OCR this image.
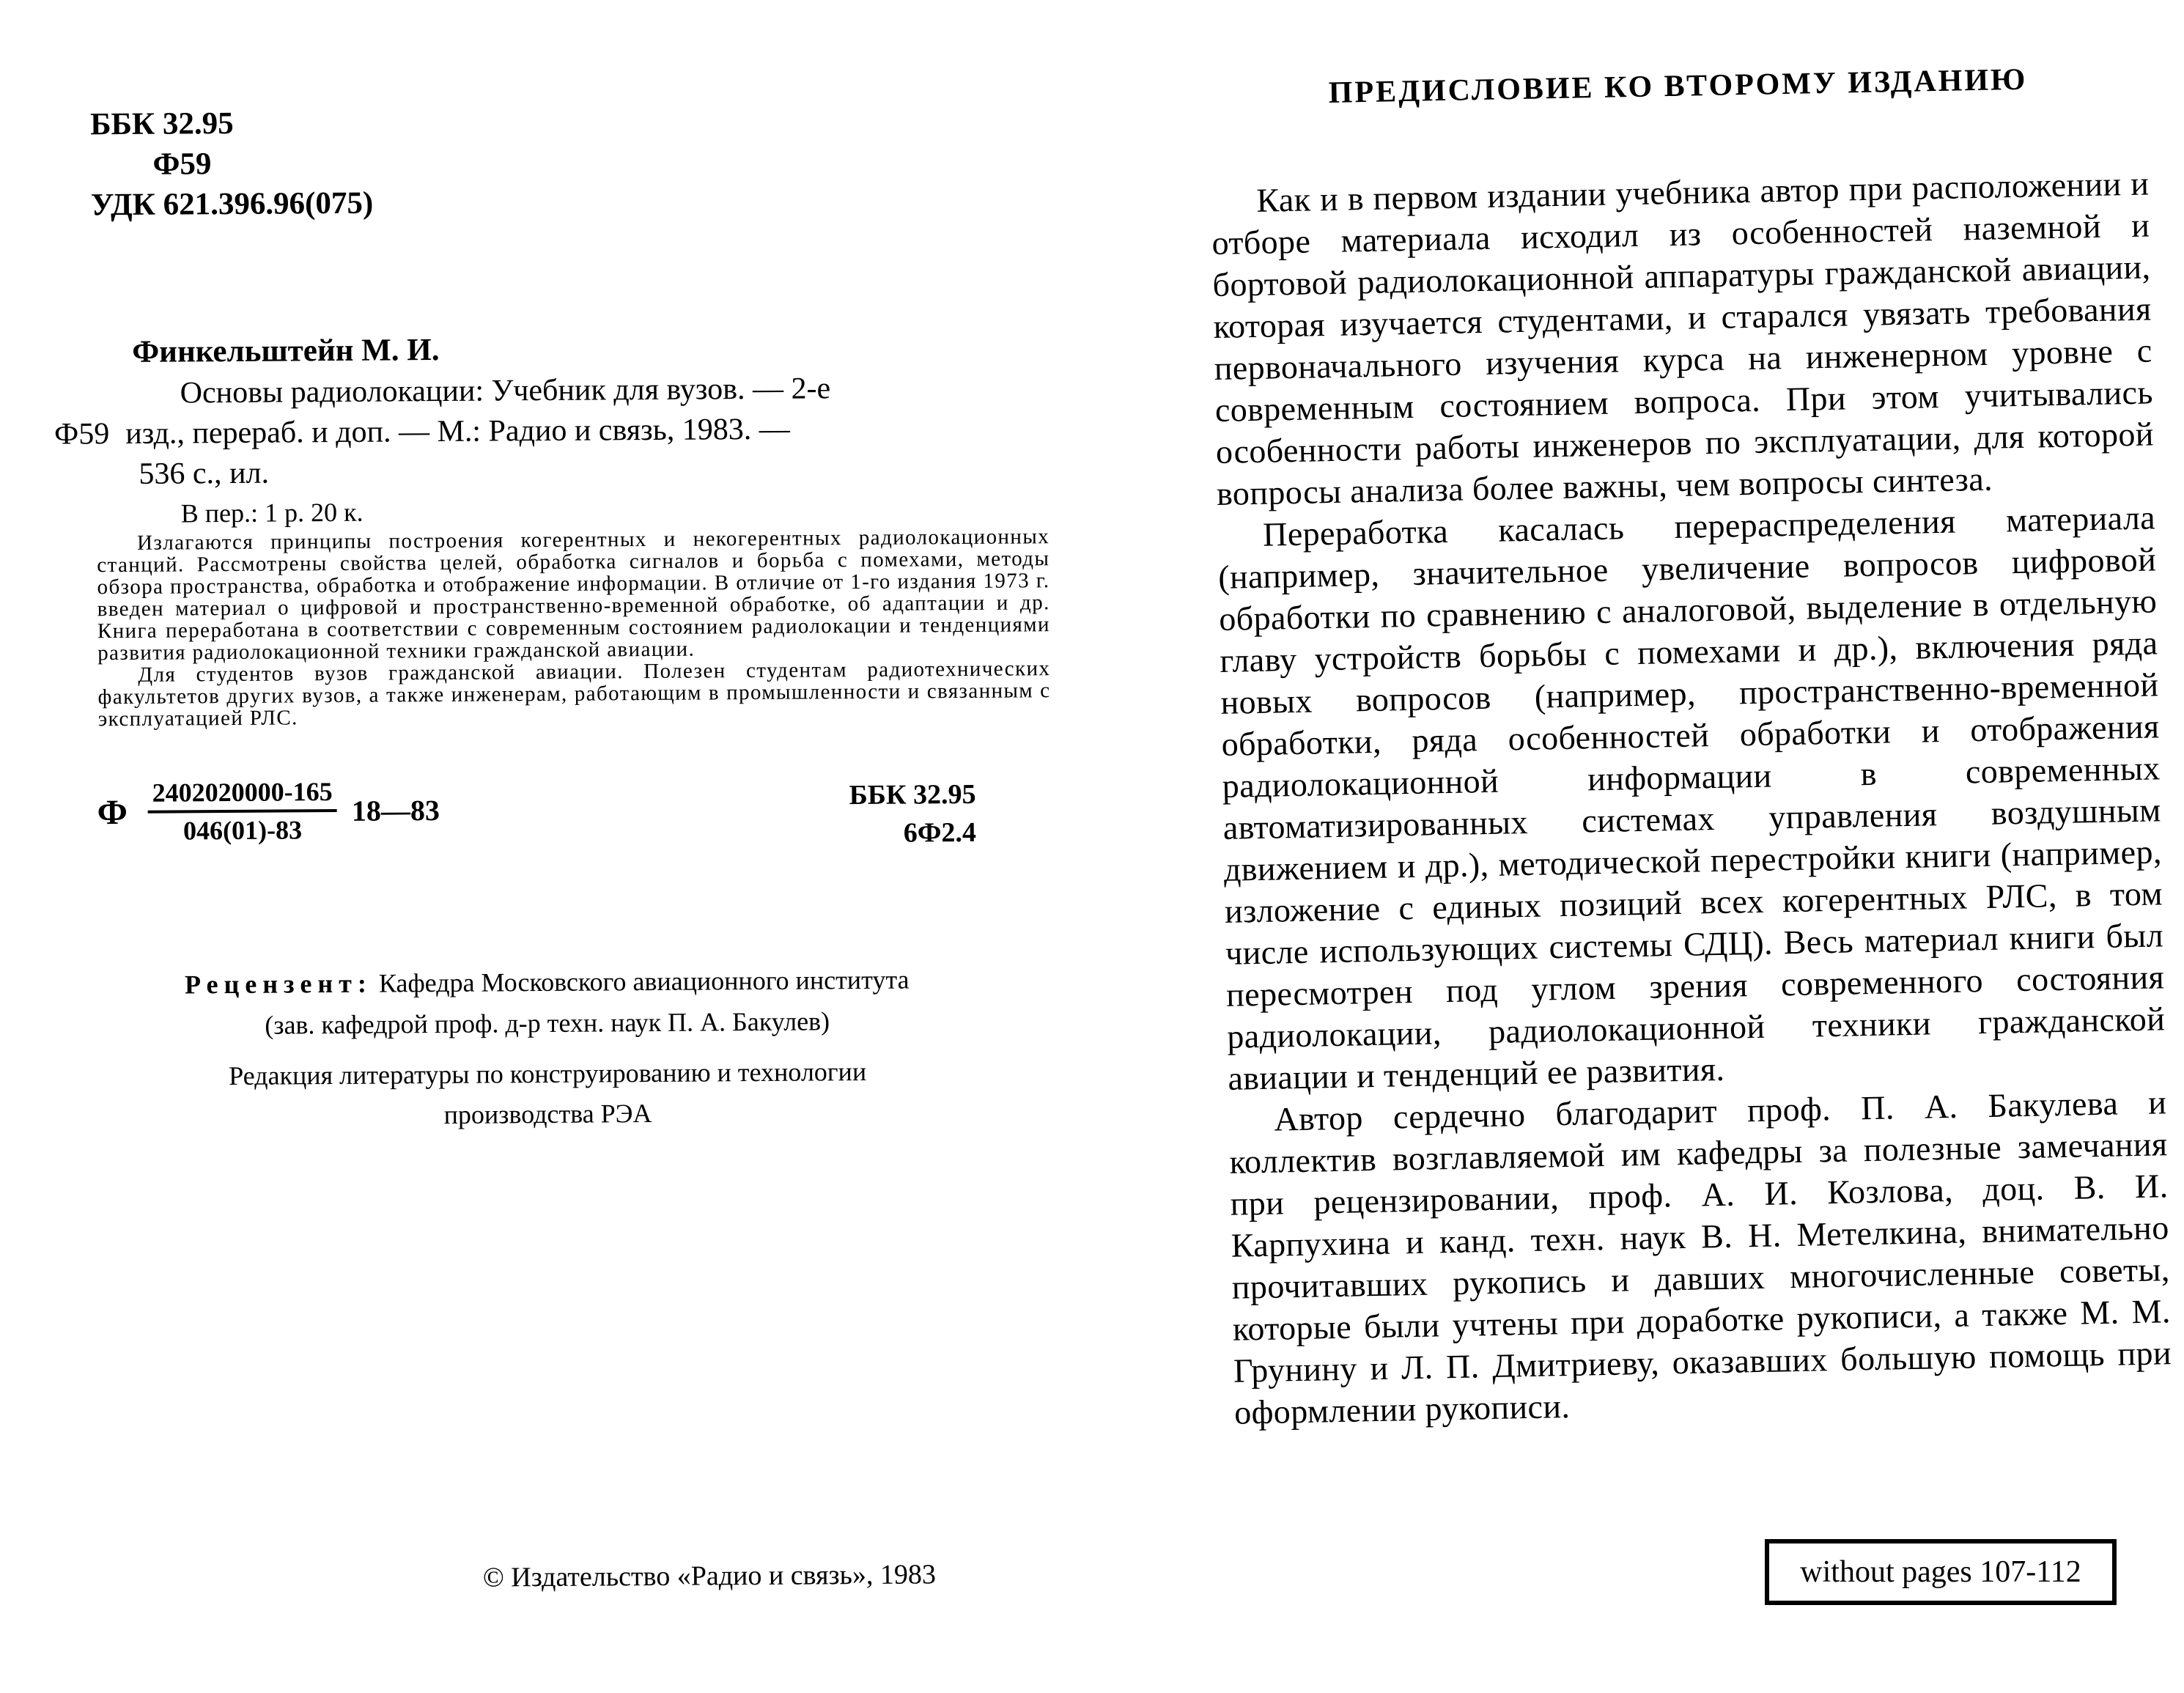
ББК 32.95
Ф59
УДК 621.396.96(075)
Финкельштейн М. И.
Основы радиолокации: Учебник для вузов. — 2-е
Ф59 изд., перераб. и доп. — М.: Радио и связь, 1983. —
536 с., ил.
В пер.: 1 р. 20 к.

Излагаются принципы построения когерентных и некогерентных радиолокационных станций. Рассмотрены свойства целей, обработка сигналов и борьба с помехами, методы обзора пространства, обработка и отображение информации. В отличие от 1-го издания 1973 г. введен материал о цифровой и пространственно-временной обработке, об адаптации и др. Книга переработана в соответствии с современным состоянием радиолокации и тенденциями развития радиолокационной техники гражданской авиации.

Для студентов вузов гражданской авиации. Полезен студентам радиотехнических факультетов других вузов, а также инженерам, работающим в промышленности и связанным с эксплуатацией РЛС.

Ф $\frac{2402020000-165}{046(01)-83}$ 18—83	ББК 32.95
6Ф2.4
Рецензент: Кафедра Московского авиационного института
(зав. кафедрой проф. д-р техн. наук П. А. Бакулев)
Редакция литературы по конструированию и технологии
производства РЭА
© Издательство «Радио и связь», 1983
ПРЕДИСЛОВИЕ КО ВТОРОМУ ИЗДАНИЮ

Как и в первом издании учебника автор при расположении и отборе материала исходил из особенностей наземной и бортовой радиолокационной аппаратуры гражданской авиации, которая изучается студентами, и старался увязать требования первоначального изучения курса на инженерном уровне с современным состоянием вопроса. При этом учитывались особенности работы инженеров по эксплуатации, для которой вопросы анализа более важны, чем вопросы синтеза.

Переработка касалась перераспределения материала (например, значительное увеличение вопросов цифровой обработки по сравнению с аналоговой, выделение в отдельную главу устройств борьбы с помехами и др.), включения ряда новых вопросов (например, пространственно-временной обработки, ряда особенностей обработки и отображения радиолокационной информации в современных автоматизированных системах управления воздушным движением и др.), методической перестройки книги (например, изложение с единых позиций всех когерентных РЛС, в том числе использующих системы СДЦ). Весь материал книги был пересмотрен под углом зрения современного состояния радиолокации, радиолокационной техники гражданской авиации и тенденций ее развития.

Автор сердечно благодарит проф. П. А. Бакулева и коллектив возглавляемой им кафедры за полезные замечания при рецензировании, проф. А. И. Козлова, доц. В. И. Карпухина и канд. техн. наук В. Н. Метелкина, внимательно прочитавших рукопись и давших многочисленные советы, которые были учтены при доработке рукописи, а также М. М. Грунину и Л. П. Дмитриеву, оказавших большую помощь при оформлении рукописи.

without pages 107-112
